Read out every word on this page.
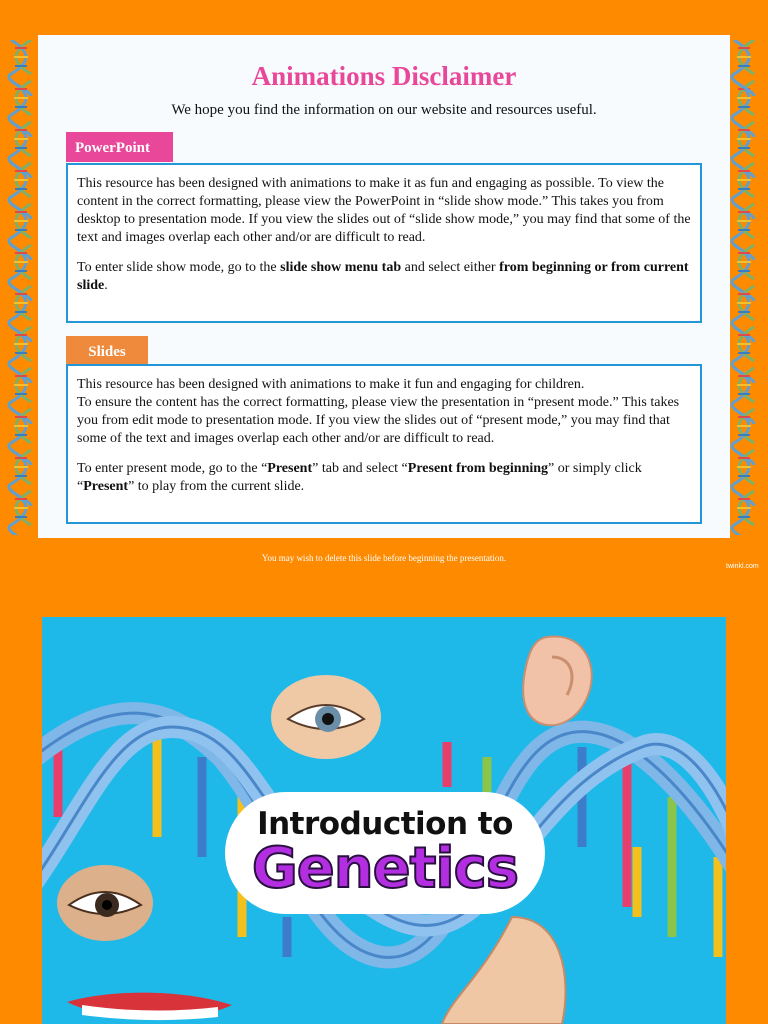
Animations Disclaimer
We hope you find the information on our website and resources useful.
PowerPoint

This resource has been designed with animations to make it as fun and engaging as possible. To view the content in the correct formatting, please view the PowerPoint in “slide show mode.” This takes you from desktop to presentation mode. If you view the slides out of “slide show mode,” you may find that some of the text and images overlap each other and/or are difficult to read.

To enter slide show mode, go to the slide show menu tab and select either from beginning or from current slide.

Slides

This resource has been designed with animations to make it fun and engaging for children.
To ensure the content has the correct formatting, please view the presentation in “present mode.” This takes you from edit mode to presentation mode. If you view the slides out of “present mode,” you may find that some of the text and images overlap each other and/or are difficult to read.

To enter present mode, go to the “Present” tab and select “Present from beginning” or simply click “Present” to play from the current slide.

You may wish to delete this slide before beginning the presentation.
twinkl.com
Introduction to
Genetics
